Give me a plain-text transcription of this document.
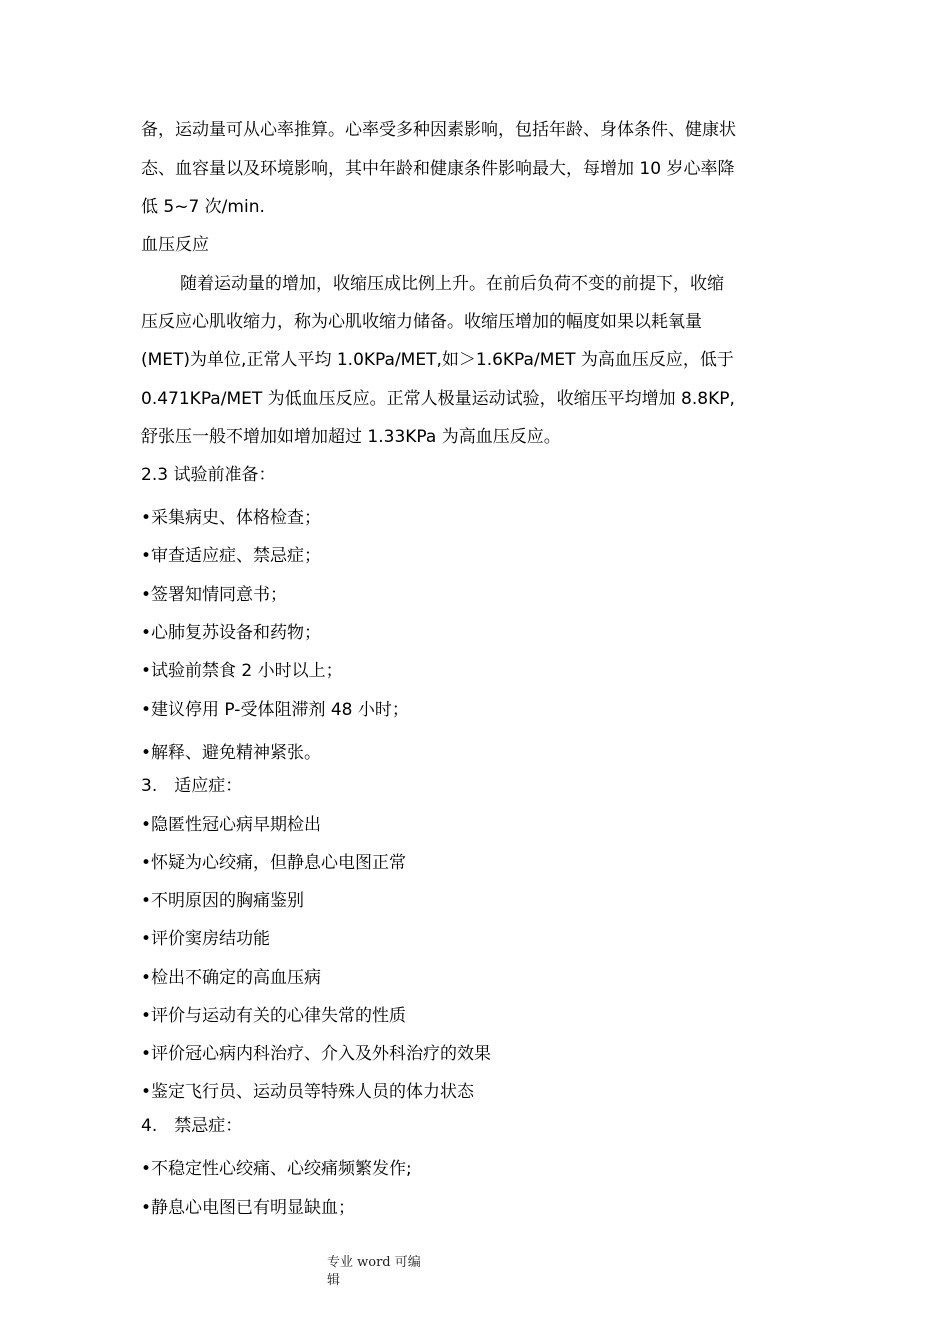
备，运动量可从心率推算。心率受多种因素影响，包括年龄、身体条件、健康状
态、血容量以及环境影响，其中年龄和健康条件影响最大，每增加 10 岁心率降
低 5~7 次/min.
血压反应
随着运动量的增加，收缩压成比例上升。在前后负荷不变的前提下，收缩
压反应心肌收缩力，称为心肌收缩力储备。收缩压增加的幅度如果以耗氧量
(MET)为单位,正常人平均 1.0KPa/MET,如＞1.6KPa/MET 为高血压反应，低于
0.471KPa/MET 为低血压反应。正常人极量运动试验，收缩压平均增加 8.8KP,
舒张压一般不增加如增加超过 1.33KPa 为高血压反应。
2.3 试验前准备：
•采集病史、体格检查；
•审查适应症、禁忌症；
•签署知情同意书；
•心肺复苏设备和药物；
•试验前禁食 2 小时以上；
•建议停用 P-受体阻滞剂 48 小时；
•解释、避免精神紧张。
3.　适应症：
•隐匿性冠心病早期检出
•怀疑为心绞痛，但静息心电图正常
•不明原因的胸痛鉴别
•评价窦房结功能
•检出不确定的高血压病
•评价与运动有关的心律失常的性质
•评价冠心病内科治疗、介入及外科治疗的效果
•鉴定飞行员、运动员等特殊人员的体力状态
4.　禁忌症：
•不稳定性心绞痛、心绞痛频繁发作;
•静息心电图已有明显缺血；
专业 word 可编
辑
